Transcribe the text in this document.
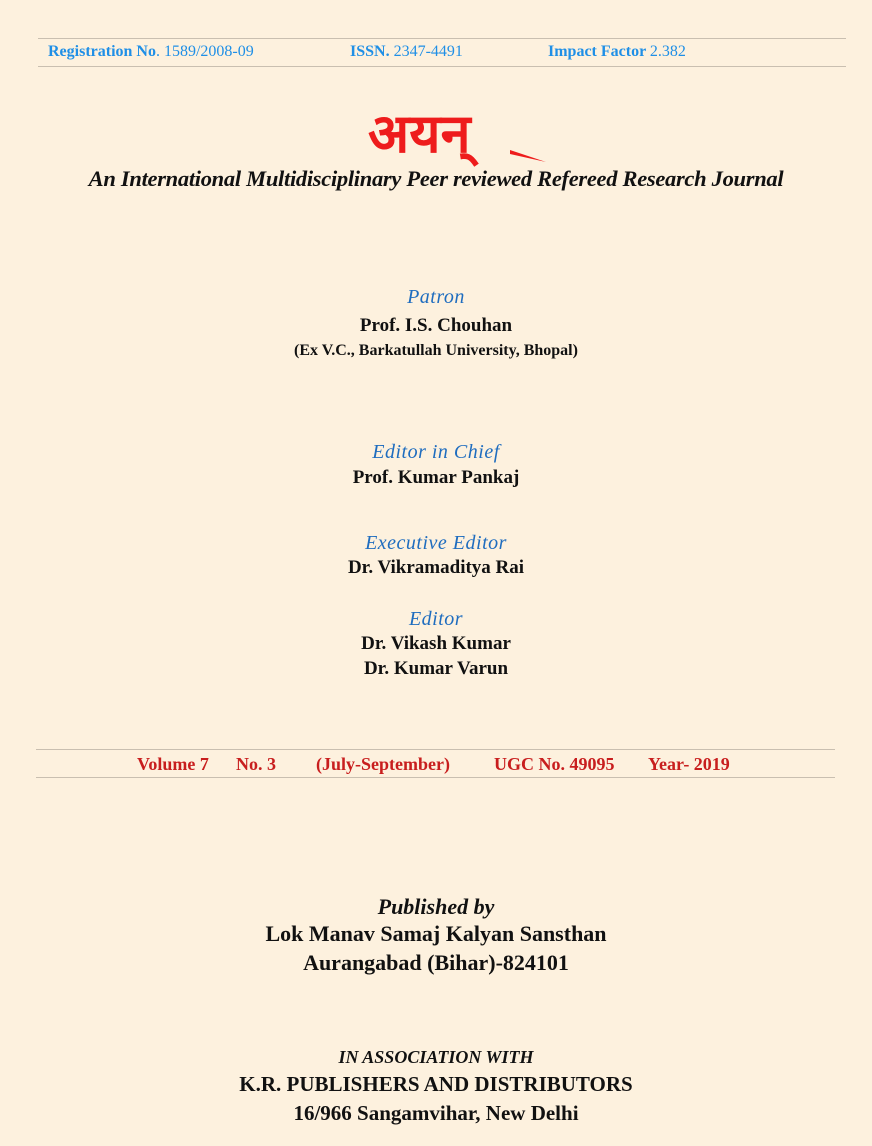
Registration No. 1589/2008-09	ISSN. 2347-4491	Impact Factor 2.382
अयन्
An International Multidisciplinary Peer reviewed Refereed Research Journal
Patron
Prof. I.S. Chouhan
(Ex V.C., Barkatullah University, Bhopal)
Editor in Chief
Prof. Kumar Pankaj
Executive Editor
Dr. Vikramaditya Rai
Editor
Dr. Vikash Kumar
Dr. Kumar Varun
Volume 7 No. 3 (July-September) UGC No. 49095 Year- 2019
Published by
Lok Manav Samaj Kalyan Sansthan
Aurangabad (Bihar)-824101
IN ASSOCIATION WITH
K.R. PUBLISHERS AND DISTRIBUTORS
16/966 Sangamvihar, New Delhi
